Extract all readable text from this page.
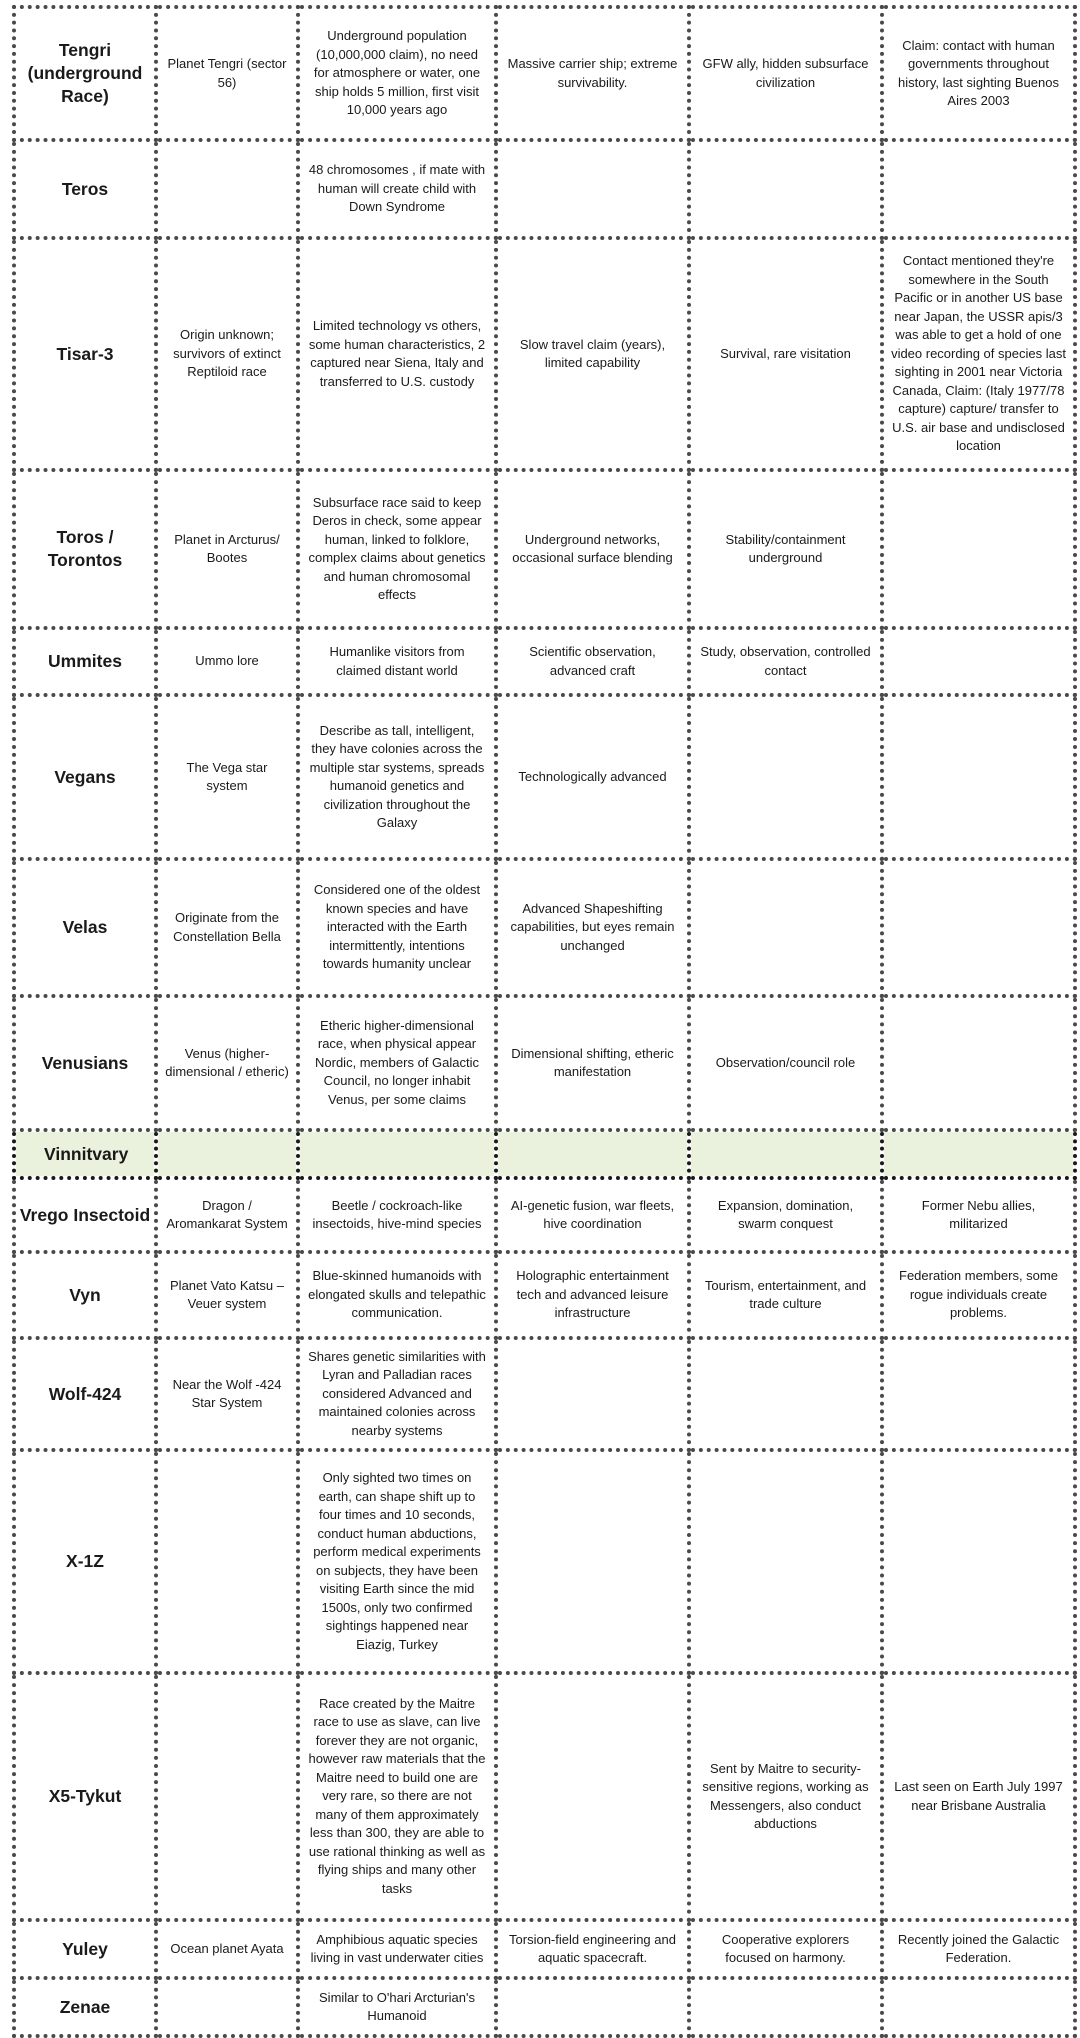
Tengri (underground Race)	Planet Tengri (sector 56)	Underground population (10,000,000 claim), no need for atmosphere or water, one ship holds 5 million, first visit 10,000 years ago	Massive carrier ship; extreme survivability.	GFW ally, hidden subsurface civilization	Claim: contact with human governments throughout history, last sighting Buenos Aires 2003
Teros		48 chromosomes , if mate with human will create child with Down Syndrome			
Tisar-3	Origin unknown; survivors of extinct Reptiloid race	Limited technology vs others, some human characteristics, 2 captured near Siena, Italy and transferred to U.S. custody	Slow travel claim (years), limited capability	Survival, rare visitation	Contact mentioned they're somewhere in the South Pacific or in another US base near Japan, the USSR apis/3 was able to get a hold of one video recording of species last sighting in 2001 near Victoria Canada, Claim: (Italy 1977/78 capture) capture/ transfer to U.S. air base and undisclosed location
Toros / Torontos	Planet in Arcturus/ Bootes	Subsurface race said to keep Deros in check, some appear human, linked to folklore, complex claims about genetics and human chromosomal effects	Underground networks, occasional surface blending	Stability/containment underground	
Ummites	Ummo lore	Humanlike visitors from claimed distant world	Scientific observation, advanced craft	Study, observation, controlled contact	
Vegans	The Vega star system	Describe as tall, intelligent, they have colonies across the multiple star systems, spreads humanoid genetics and civilization throughout the Galaxy	Technologically advanced		
Velas	Originate from the Constellation Bella	Considered one of the oldest known species and have interacted with the Earth intermittently, intentions towards humanity unclear	Advanced Shapeshifting capabilities, but eyes remain unchanged		
Venusians	Venus (higher-dimensional / etheric)	Etheric higher-dimensional race, when physical appear Nordic, members of Galactic Council, no longer inhabit Venus, per some claims	Dimensional shifting, etheric manifestation	Observation/council role	
Vinnitvary					
Vrego Insectoid	Dragon / Aromankarat System	Beetle / cockroach-like insectoids, hive-mind species	AI-genetic fusion, war fleets, hive coordination	Expansion, domination, swarm conquest	Former Nebu allies, militarized
Vyn	Planet Vato Katsu – Veuer system	Blue-skinned humanoids with elongated skulls and telepathic communication.	Holographic entertainment tech and advanced leisure infrastructure	Tourism, entertainment, and trade culture	Federation members, some rogue individuals create problems.
Wolf-424	Near the Wolf -424 Star System	Shares genetic similarities with Lyran and Palladian races considered Advanced and maintained colonies across nearby systems			
X-1Z		Only sighted two times on earth, can shape shift up to four times and 10 seconds, conduct human abductions, perform medical experiments on subjects, they have been visiting Earth since the mid 1500s, only two confirmed sightings happened near Eiazig, Turkey			
X5-Tykut		Race created by the Maitre race to use as slave, can live forever they are not organic, however raw materials that the Maitre need to build one are very rare, so there are not many of them approximately less than 300, they are able to use rational thinking as well as flying ships and many other tasks		Sent by Maitre to security-sensitive regions, working as Messengers, also conduct abductions	Last seen on Earth July 1997 near Brisbane Australia
Yuley	Ocean planet Ayata	Amphibious aquatic species living in vast underwater cities	Torsion-field engineering and aquatic spacecraft.	Cooperative explorers focused on harmony.	Recently joined the Galactic Federation.
Zenae		Similar to O'hari Arcturian's Humanoid			
